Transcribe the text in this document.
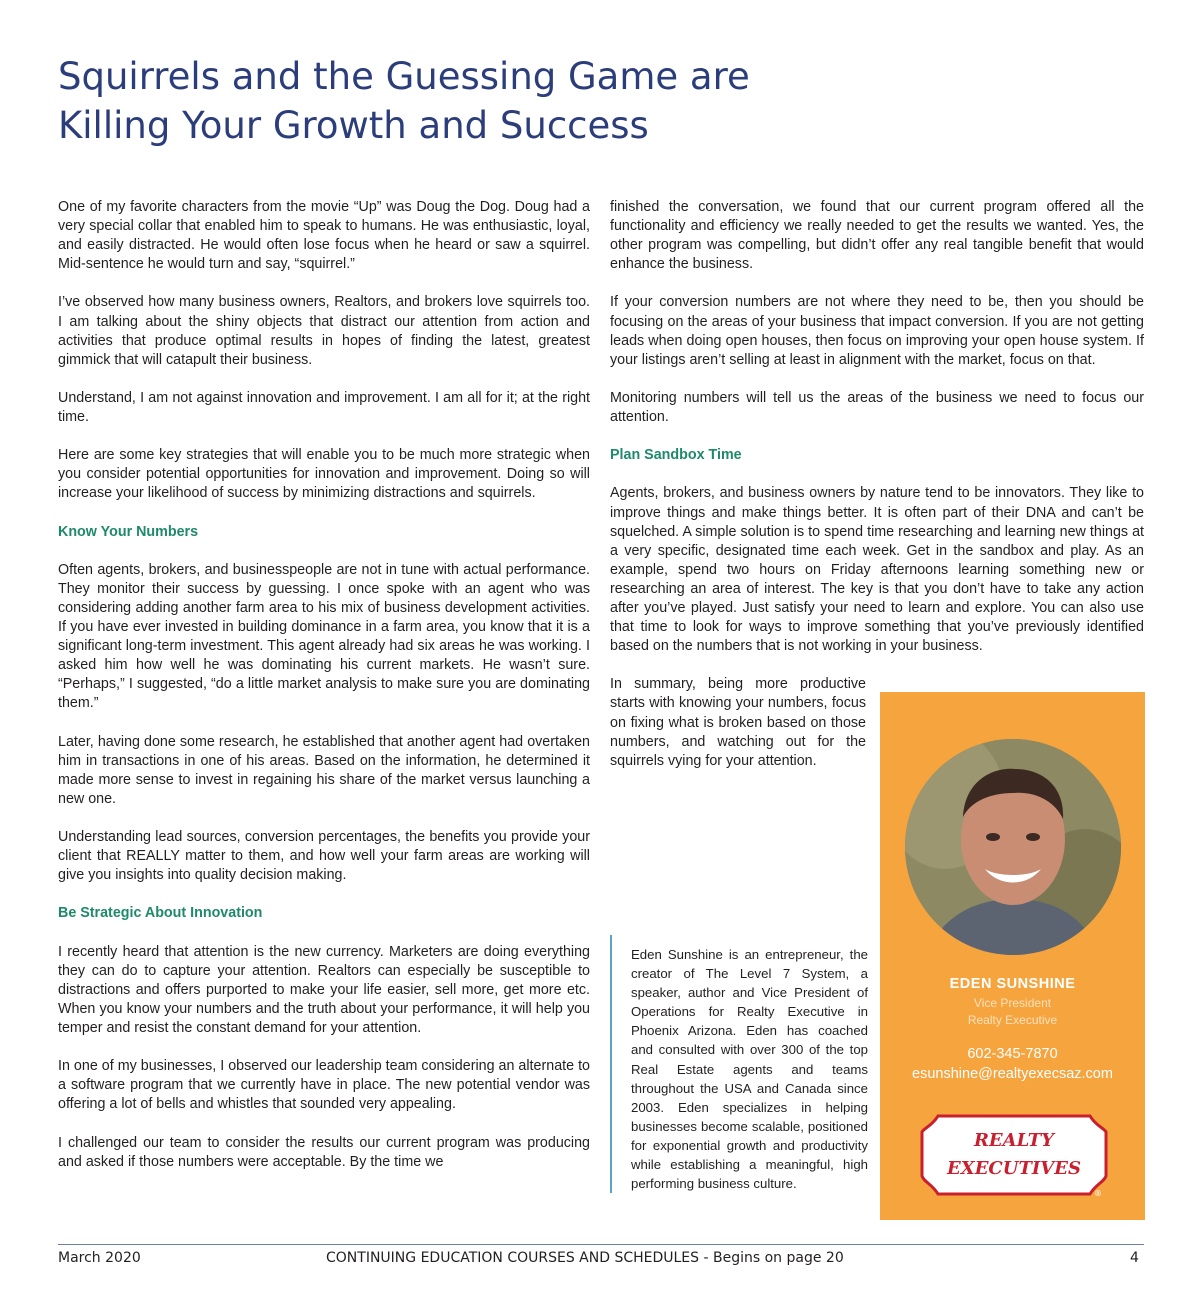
Squirrels and the Guessing Game are
Killing Your Growth and Success

One of my favorite characters from the movie “Up” was Doug the Dog. Doug had a very special collar that enabled him to speak to humans. He was enthusiastic, loyal, and easily distracted. He would often lose focus when he heard or saw a squirrel. Mid-sentence he would turn and say, “squirrel.”

I’ve observed how many business owners, Realtors, and brokers love squirrels too. I am talking about the shiny objects that distract our attention from action and activities that produce optimal results in hopes of finding the latest, greatest gimmick that will catapult their business.

Understand, I am not against innovation and improvement. I am all for it; at the right time.

Here are some key strategies that will enable you to be much more strategic when you consider potential opportunities for innovation and improvement. Doing so will increase your likelihood of success by minimizing distractions and squirrels.

Know Your Numbers

Often agents, brokers, and businesspeople are not in tune with actual performance. They monitor their success by guessing. I once spoke with an agent who was considering adding another farm area to his mix of business development activities. If you have ever invested in building dominance in a farm area, you know that it is a significant long-term investment. This agent already had six areas he was working. I asked him how well he was dominating his current markets. He wasn’t sure. “Perhaps,” I suggested, “do a little market analysis to make sure you are dominating them.”

Later, having done some research, he established that another agent had overtaken him in transactions in one of his areas. Based on the information, he determined it made more sense to invest in regaining his share of the market versus launching a new one.

Understanding lead sources, conversion percentages, the benefits you provide your client that REALLY matter to them, and how well your farm areas are working will give you insights into quality decision making.

Be Strategic About Innovation

I recently heard that attention is the new currency. Marketers are doing everything they can do to capture your attention. Realtors can especially be susceptible to distractions and offers purported to make your life easier, sell more, get more etc. When you know your numbers and the truth about your performance, it will help you temper and resist the constant demand for your attention.

In one of my businesses, I observed our leadership team considering an alternate to a software program that we currently have in place. The new potential vendor was offering a lot of bells and whistles that sounded very appealing.

I challenged our team to consider the results our current program was producing and asked if those numbers were acceptable. By the time we

finished the conversation, we found that our current program offered all the functionality and efficiency we really needed to get the results we wanted. Yes, the other program was compelling, but didn’t offer any real tangible benefit that would enhance the business.

If your conversion numbers are not where they need to be, then you should be focusing on the areas of your business that impact conversion. If you are not getting leads when doing open houses, then focus on improving your open house system. If your listings aren’t selling at least in alignment with the market, focus on that.

Monitoring numbers will tell us the areas of the business we need to focus our attention.

Plan Sandbox Time

Agents, brokers, and business owners by nature tend to be innovators. They like to improve things and make things better. It is often part of their DNA and can’t be squelched. A simple solution is to spend time researching and learning new things at a very specific, designated time each week. Get in the sandbox and play. As an example, spend two hours on Friday afternoons learning something new or researching an area of interest. The key is that you don’t have to take any action after you’ve played. Just satisfy your need to learn and explore. You can also use that time to look for ways to improve something that you’ve previously identified based on the numbers that is not working in your business.

In summary, being more productive starts with knowing your numbers, focus on fixing what is broken based on those numbers, and watching out for the squirrels vying for your attention.

Eden Sunshine is an entrepreneur, the creator of The Level 7 System, a speaker, author and Vice President of Operations for Realty Executive in Phoenix Arizona. Eden has coached and consulted with over 300 of the top Real Estate agents and teams throughout the USA and Canada since 2003. Eden specializes in helping businesses become scalable, positioned for exponential growth and productivity while establishing a meaningful, high performing business culture.
EDEN SUNSHINE
Vice President
Realty Executive
602-345-7870
esunshine@realtyexecsaz.com
REALTY
EXECUTIVES
®
March 2020	CONTINUING EDUCATION COURSES AND SCHEDULES - Begins on page 20	4
